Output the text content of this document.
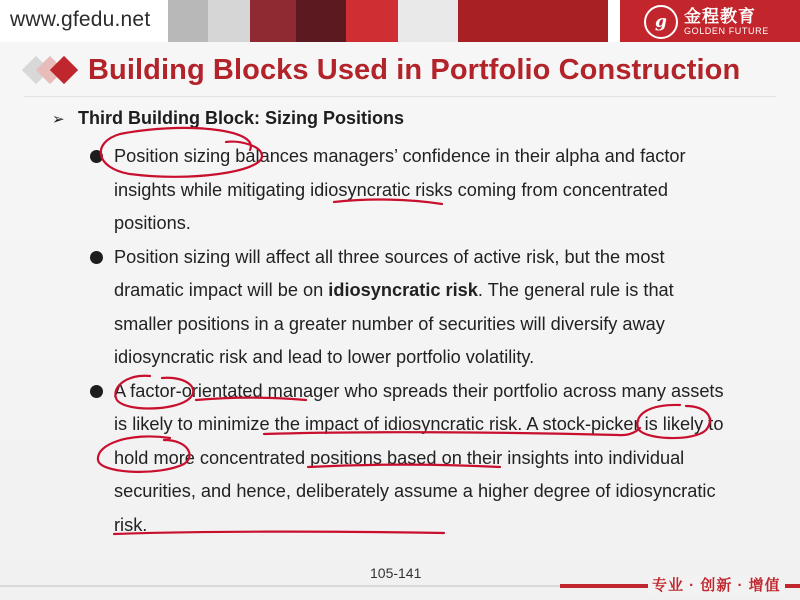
www.gfedu.net	g	金程教育
GOLDEN FUTURE
Building Blocks Used in Portfolio Construction
➢ Third Building Block: Sizing Positions
Position sizing balances managers’ confidence in their alpha and factor insights while mitigating idiosyncratic risks coming from concentrated positions.
Position sizing will affect all three sources of active risk, but the most dramatic impact will be on idiosyncratic risk. The general rule is that smaller positions in a greater number of securities will diversify away idiosyncratic risk and lead to lower portfolio volatility.
A factor-orientated manager who spreads their portfolio across many assets is likely to minimize the impact of idiosyncratic risk. A stock-picker is likely to hold more concentrated positions based on their insights into individual securities, and hence, deliberately assume a higher degree of idiosyncratic risk.
105-141
专业 · 创新 · 增值
